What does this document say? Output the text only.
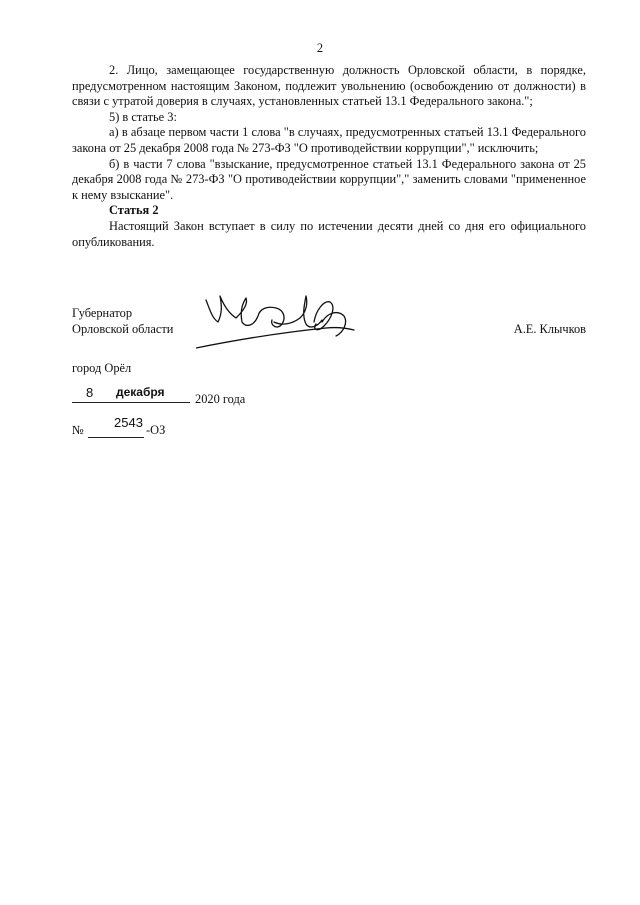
2

2. Лицо, замещающее государственную должность Орловской области, в порядке, предусмотренном настоящим Законом, подлежит увольнению (освобождению от должности) в связи с утратой доверия в случаях, установленных статьей 13.1 Федерального закона.";

5) в статье 3:

а) в абзаце первом части 1 слова "в случаях, предусмотренных статьей 13.1 Федерального закона от 25 декабря 2008 года № 273-ФЗ "О противодействии коррупции"," исключить;

б) в части 7 слова "взыскание, предусмотренное статьей 13.1 Федерального закона от 25 декабря 2008 года № 273-ФЗ "О противодействии коррупции"," заменить словами "примененное к нему взыскание".

Статья 2

Настоящий Закон вступает в силу по истечении десяти дней со дня его официального опубликования.

Губернатор
Орловской области	А.Е. Клычков
город Орёл
8 декабря 2020 года
№ 2543 -ОЗ
